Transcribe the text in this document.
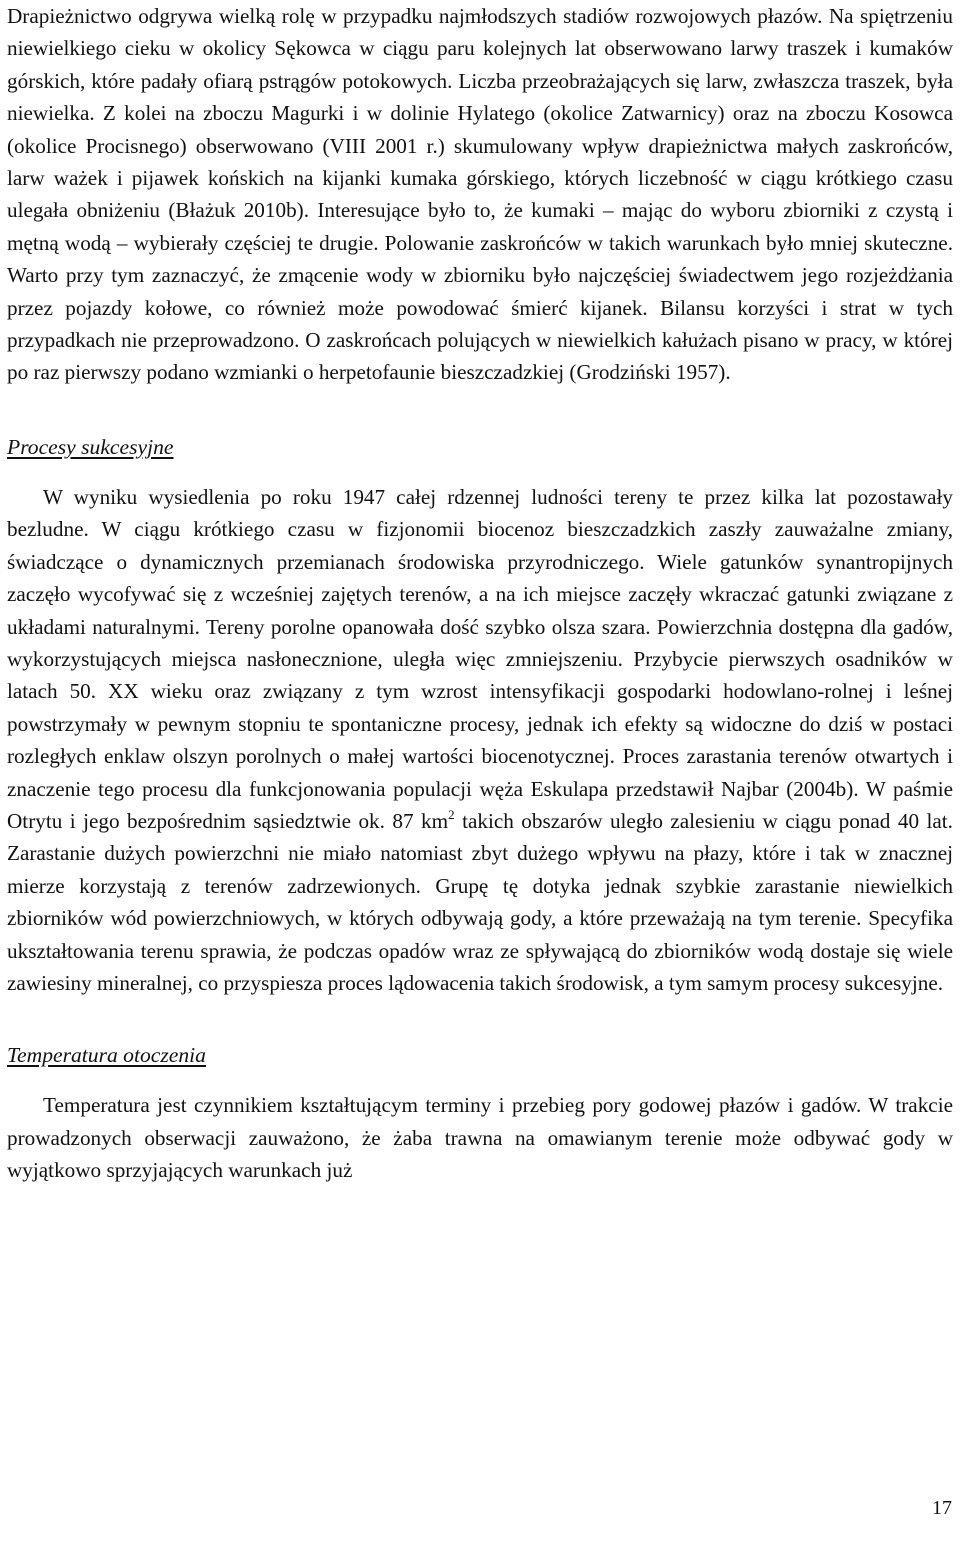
Drapieżnictwo odgrywa wielką rolę w przypadku najmłodszych stadiów rozwojowych płazów. Na spiętrzeniu niewielkiego cieku w okolicy Sękowca w ciągu paru kolejnych lat obserwowano larwy traszek i kumaków górskich, które padały ofiarą pstrągów potokowych. Liczba przeobrażających się larw, zwłaszcza traszek, była niewielka. Z kolei na zboczu Magurki i w dolinie Hylatego (okolice Zatwarnicy) oraz na zboczu Kosowca (okolice Procisnego) obserwowano (VIII 2001 r.) skumulowany wpływ drapieżnictwa małych zaskrońców, larw ważek i pijawek końskich na kijanki kumaka górskiego, których liczebność w ciągu krótkiego czasu ulegała obniżeniu (Błażuk 2010b). Interesujące było to, że kumaki – mając do wyboru zbiorniki z czystą i mętną wodą – wybierały częściej te drugie. Polowanie zaskrońców w takich warunkach było mniej skuteczne. Warto przy tym zaznaczyć, że zmącenie wody w zbiorniku było najczęściej świadectwem jego rozjeżdżania przez pojazdy kołowe, co również może powodować śmierć kijanek. Bilansu korzyści i strat w tych przypadkach nie przeprowadzono. O zaskrońcach polujących w niewielkich kałużach pisano w pracy, w której po raz pierwszy podano wzmianki o herpetofaunie bieszczadzkiej (Grodziński 1957).

Procesy sukcesyjne

W wyniku wysiedlenia po roku 1947 całej rdzennej ludności tereny te przez kilka lat pozostawały bezludne. W ciągu krótkiego czasu w fizjonomii biocenoz bieszczadzkich zaszły zauważalne zmiany, świadczące o dynamicznych przemianach środowiska przyrodniczego. Wiele gatunków synantropijnych zaczęło wycofywać się z wcześniej zajętych terenów, a na ich miejsce zaczęły wkraczać gatunki związane z układami naturalnymi. Tereny porolne opanowała dość szybko olsza szara. Powierzchnia dostępna dla gadów, wykorzystujących miejsca nasłonecznione, uległa więc zmniejszeniu. Przybycie pierwszych osadników w latach 50. XX wieku oraz związany z tym wzrost intensyfikacji gospodarki hodowlano-rolnej i leśnej powstrzymały w pewnym stopniu te spontaniczne procesy, jednak ich efekty są widoczne do dziś w postaci rozległych enklaw olszyn porolnych o małej wartości biocenotycznej. Proces zarastania terenów otwartych i znaczenie tego procesu dla funkcjonowania populacji węża Eskulapa przedstawił Najbar (2004b). W paśmie Otrytu i jego bezpośrednim sąsiedztwie ok. 87 $km^2$ takich obszarów uległo zalesieniu w ciągu ponad 40 lat. Zarastanie dużych powierzchni nie miało natomiast zbyt dużego wpływu na płazy, które i tak w znacznej mierze korzystają z terenów zadrzewionych. Grupę tę dotyka jednak szybkie zarastanie niewielkich zbiorników wód powierzchniowych, w których odbywają gody, a które przeważają na tym terenie. Specyfika ukształtowania terenu sprawia, że podczas opadów wraz ze spływającą do zbiorników wodą dostaje się wiele zawiesiny mineralnej, co przyspiesza proces lądowacenia takich środowisk, a tym samym procesy sukcesyjne.

Temperatura otoczenia

Temperatura jest czynnikiem kształtującym terminy i przebieg pory godowej płazów i gadów. W trakcie prowadzonych obserwacji zauważono, że żaba trawna na omawianym terenie może odbywać gody w wyjątkowo sprzyjających warunkach już

17
